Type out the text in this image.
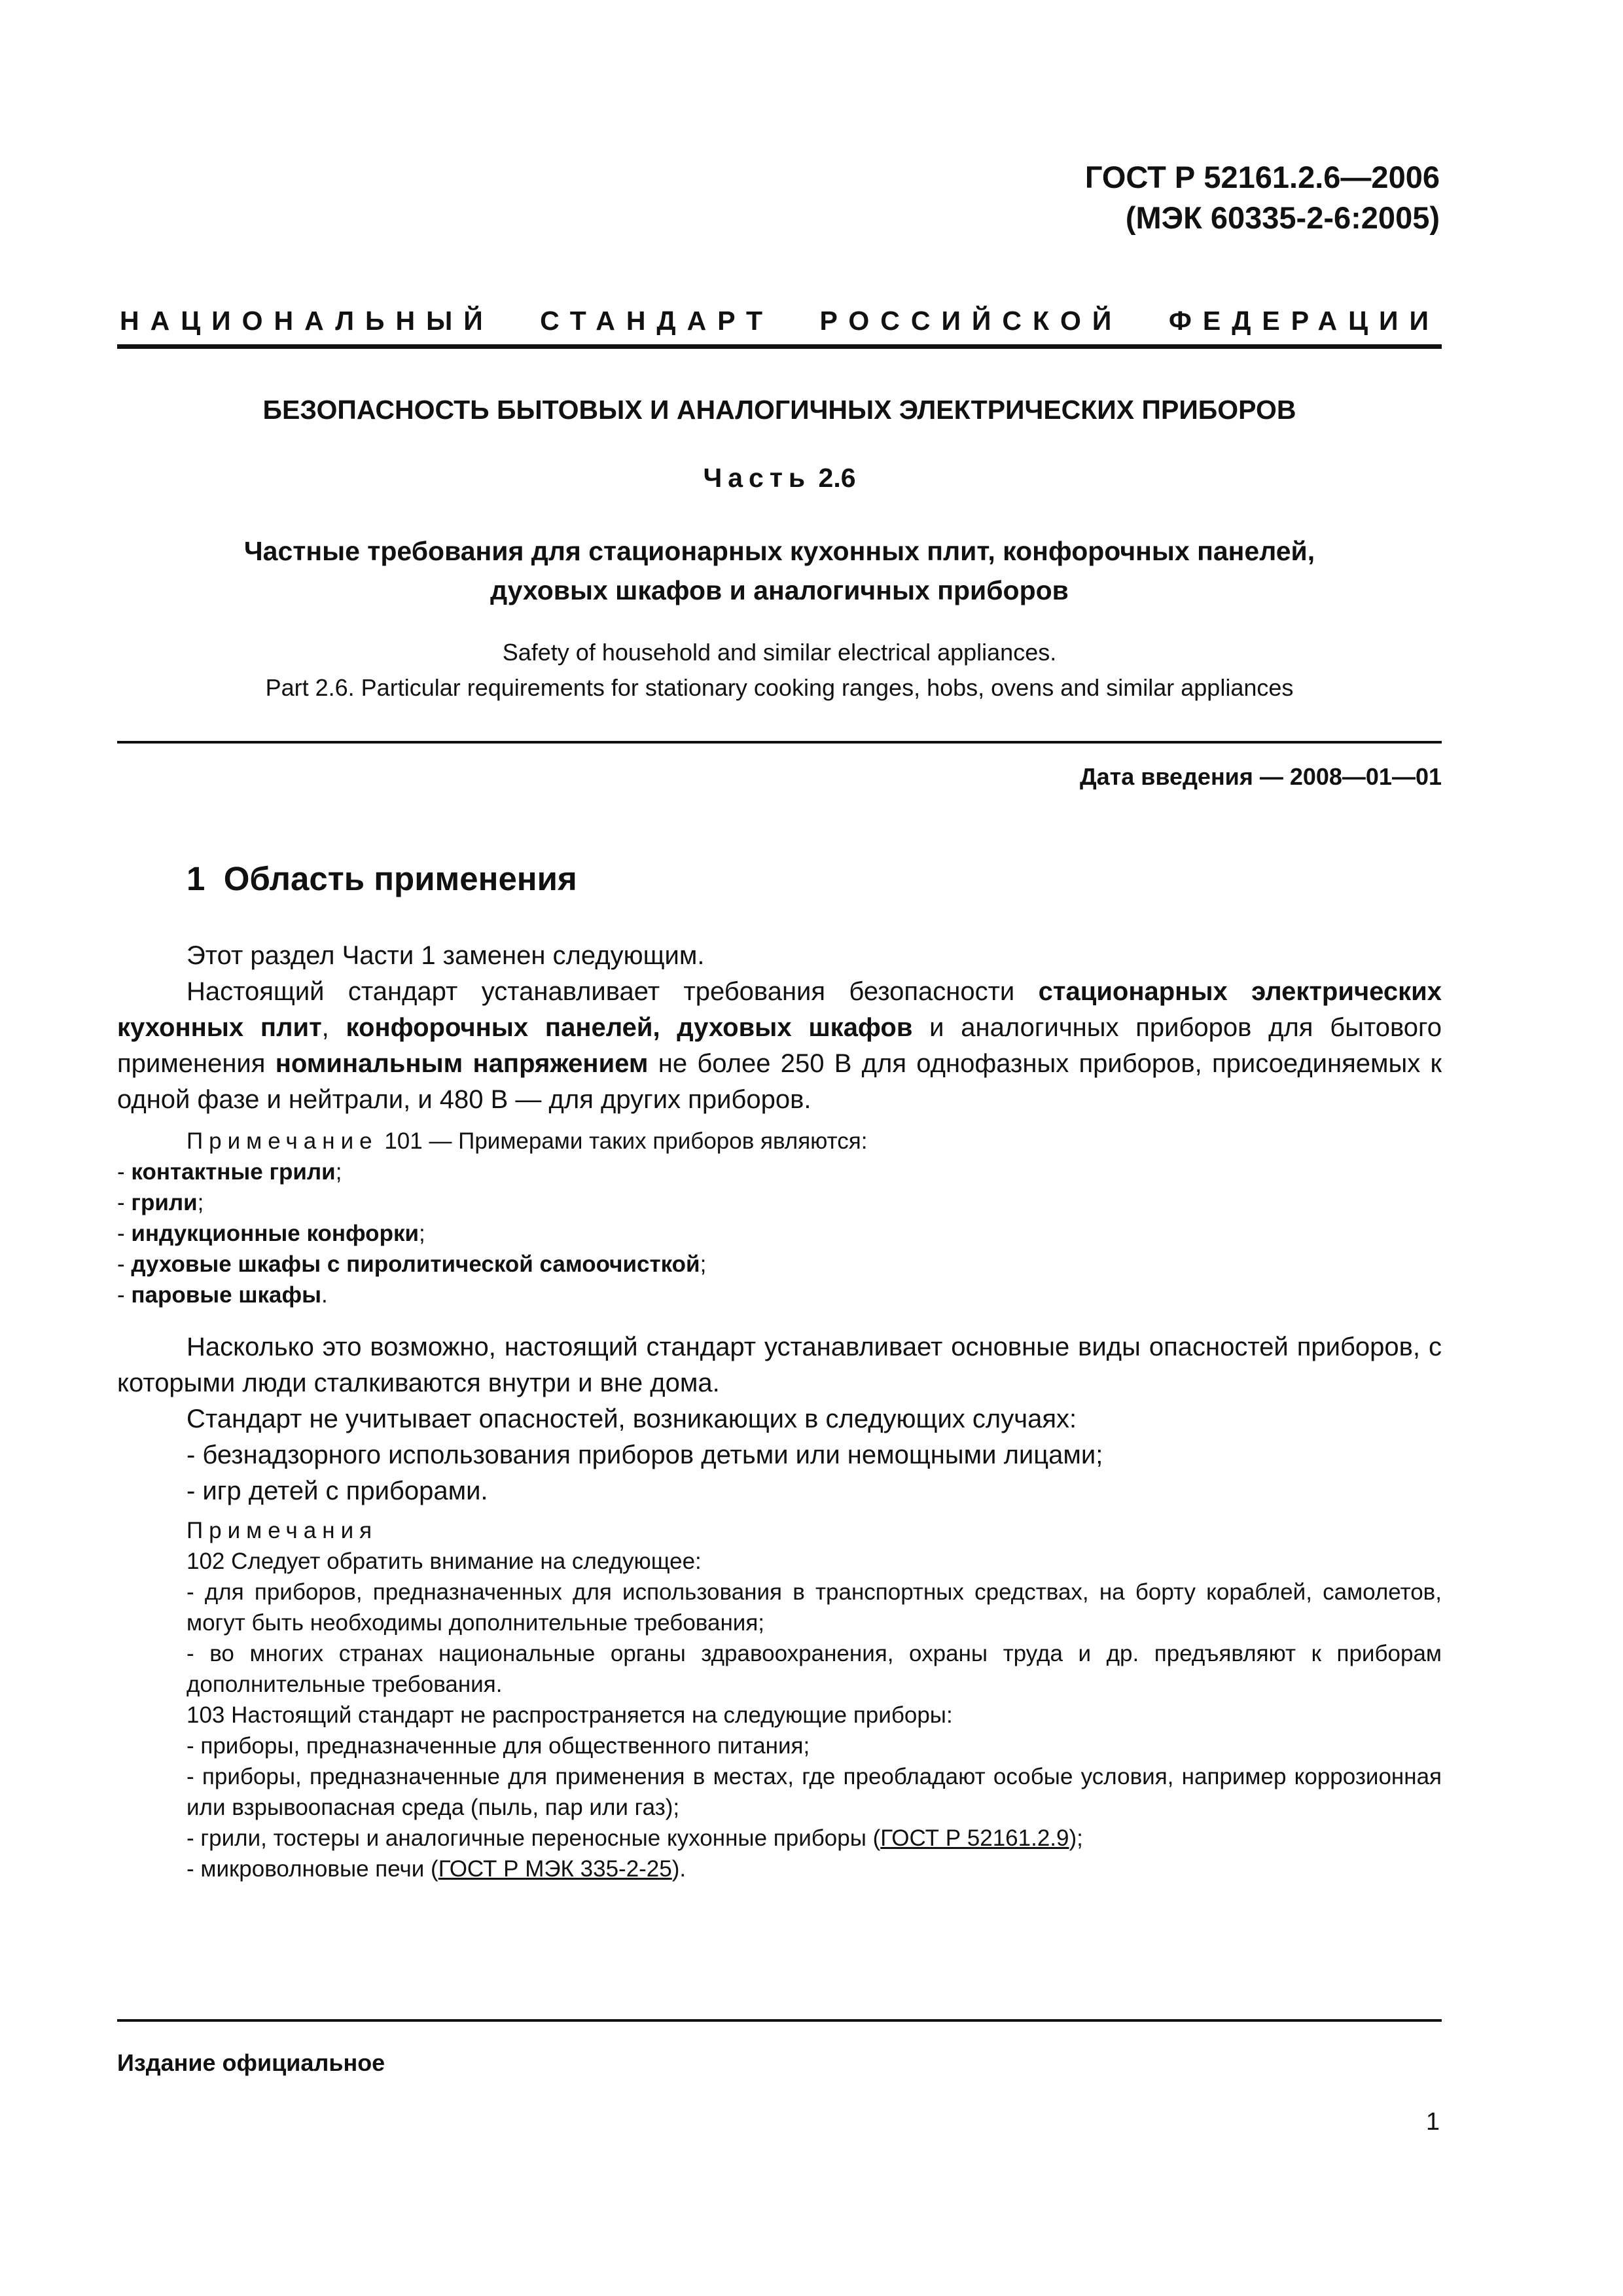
ГОСТ Р 52161.2.6—2006
(МЭК 60335-2-6:2005)
НАЦИОНАЛЬНЫЙ СТАНДАРТ РОССИЙСКОЙ ФЕДЕРАЦИИ
БЕЗОПАСНОСТЬ БЫТОВЫХ И АНАЛОГИЧНЫХ ЭЛЕКТРИЧЕСКИХ ПРИБОРОВ
Часть 2.6
Частные требования для стационарных кухонных плит, конфорочных панелей,
духовых шкафов и аналогичных приборов
Safety of household and similar electrical appliances.
Part 2.6. Particular requirements for stationary cooking ranges, hobs, ovens and similar appliances
Дата введения — 2008—01—01
1 Область применения

Этот раздел Части 1 заменен следующим.

Настоящий стандарт устанавливает требования безопасности стационарных электрических кухонных плит, конфорочных панелей, духовых шкафов и аналогичных приборов для бытового применения номинальным напряжением не более 250 В для однофазных приборов, присоединяемых к одной фазе и нейтрали, и 480 В — для других приборов.

Примечание 101 — Примерами таких приборов являются:

- контактные грили;

- грили;

- индукционные конфорки;

- духовые шкафы с пиролитической самоочисткой;

- паровые шкафы.

Насколько это возможно, настоящий стандарт устанавливает основные виды опасностей приборов, с которыми люди сталкиваются внутри и вне дома.

Стандарт не учитывает опасностей, возникающих в следующих случаях:

- безнадзорного использования приборов детьми или немощными лицами;

- игр детей с приборами.

Примечания

102 Следует обратить внимание на следующее:

- для приборов, предназначенных для использования в транспортных средствах, на борту кораблей, самолетов, могут быть необходимы дополнительные требования;

- во многих странах национальные органы здравоохранения, охраны труда и др. предъявляют к приборам дополнительные требования.

103 Настоящий стандарт не распространяется на следующие приборы:

- приборы, предназначенные для общественного питания;

- приборы, предназначенные для применения в местах, где преобладают особые условия, например коррозионная или взрывоопасная среда (пыль, пар или газ);

- грили, тостеры и аналогичные переносные кухонные приборы (ГОСТ Р 52161.2.9);

- микроволновые печи (ГОСТ Р МЭК 335-2-25).

Издание официальное
1
